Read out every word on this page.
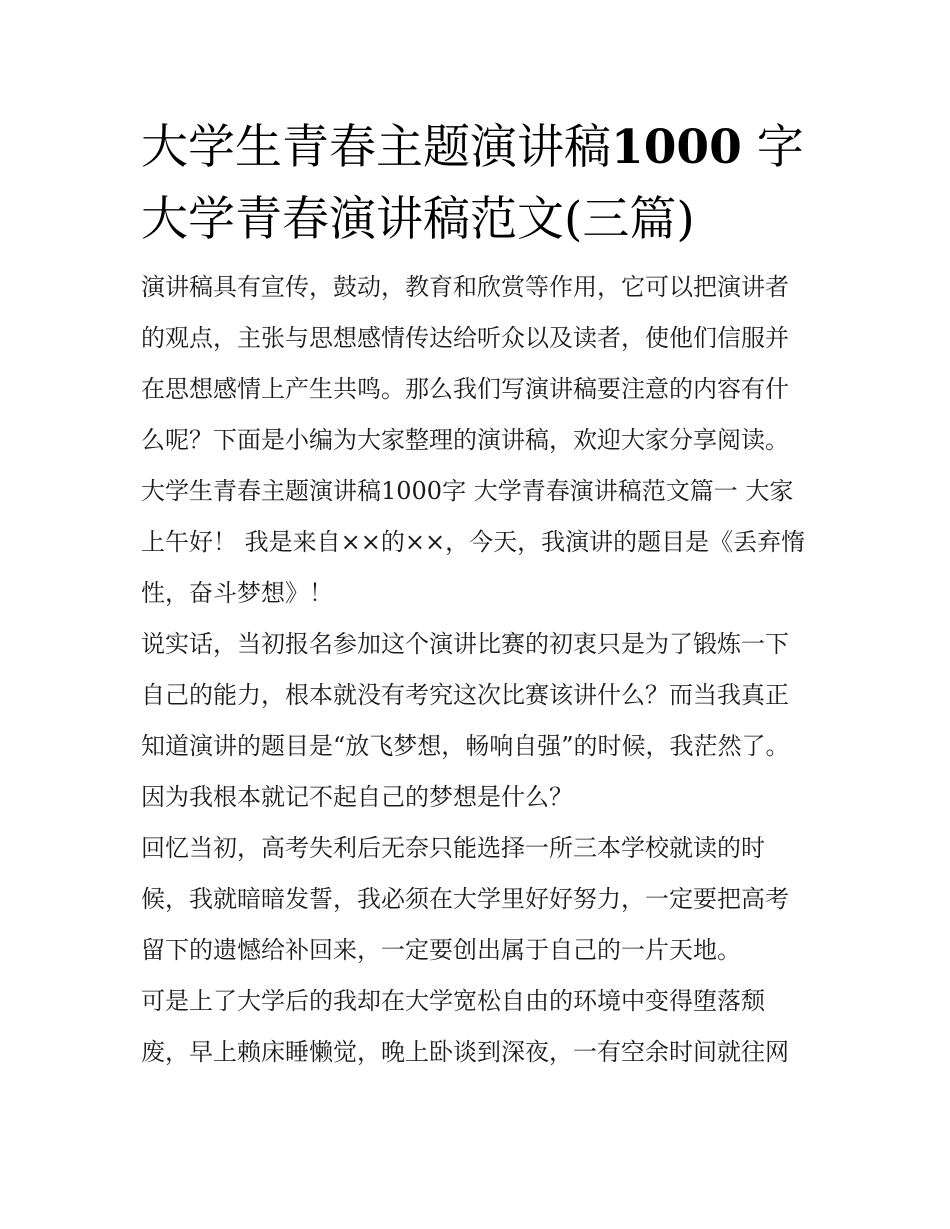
大学生青春主题演讲稿1000 字
大学青春演讲稿范文(三篇)

演讲稿具有宣传，鼓动，教育和欣赏等作用，它可以把演讲者
的观点，主张与思想感情传达给听众以及读者，使他们信服并
在思想感情上产生共鸣。那么我们写演讲稿要注意的内容有什
么呢？下面是小编为大家整理的演讲稿，欢迎大家分享阅读。

大学生青春主题演讲稿1000字 大学青春演讲稿范文篇一 大家
上午好！ 我是来自××的××，今天，我演讲的题目是《丢弃惰
性，奋斗梦想》！

说实话，当初报名参加这个演讲比赛的初衷只是为了锻炼一下
自己的能力，根本就没有考究这次比赛该讲什么？而当我真正
知道演讲的题目是“放飞梦想，畅响自强”的时候，我茫然了。
因为我根本就记不起自己的梦想是什么？

回忆当初，高考失利后无奈只能选择一所三本学校就读的时
候，我就暗暗发誓，我必须在大学里好好努力，一定要把高考
留下的遗憾给补回来，一定要创出属于自己的一片天地。

可是上了大学后的我却在大学宽松自由的环境中变得堕落颓
废，早上赖床睡懒觉，晚上卧谈到深夜，一有空余时间就往网
